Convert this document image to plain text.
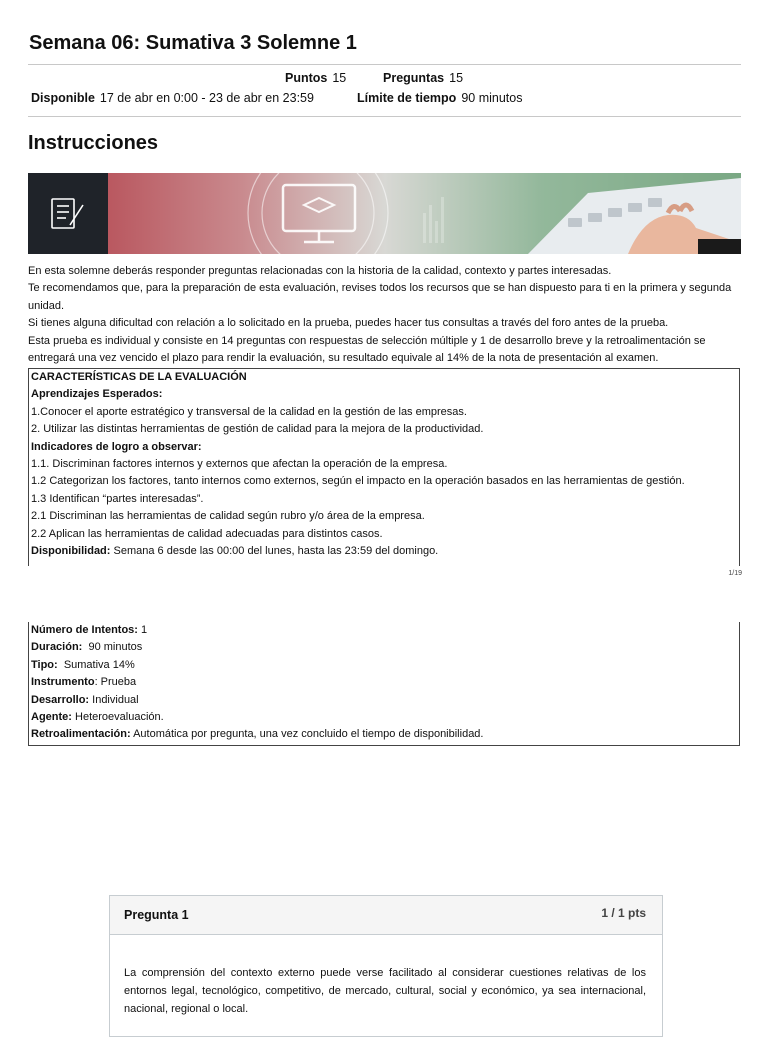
Semana 06: Sumativa 3 Solemne 1
Puntos 15	Preguntas 15
Disponible 17 de abr en 0:00 - 23 de abr en 23:59	Límite de tiempo 90 minutos
Instrucciones
En esta solemne deberás responder preguntas relacionadas con la historia de la calidad, contexto y partes interesadas.
Te recomendamos que, para la preparación de esta evaluación, revises todos los recursos que se han dispuesto para ti en la primera y segunda unidad.
Si tienes alguna dificultad con relación a lo solicitado en la prueba, puedes hacer tus consultas a través del foro antes de la prueba.
Esta prueba es individual y consiste en 14 preguntas con respuestas de selección múltiple y 1 de desarrollo breve y la retroalimentación se entregará una vez vencido el plazo para rendir la evaluación, su resultado equivale al 14% de la nota de presentación al examen.
CARACTERÍSTICAS DE LA EVALUACIÓN
Aprendizajes Esperados:
1.Conocer el aporte estratégico y transversal de la calidad en la gestión de las empresas.
2. Utilizar las distintas herramientas de gestión de calidad para la mejora de la productividad.
Indicadores de logro a observar:
1.1. Discriminan factores internos y externos que afectan la operación de la empresa.
1.2 Categorizan los factores, tanto internos como externos, según el impacto en la operación basados en las herramientas de gestión.
1.3 Identifican “partes interesadas”.
2.1 Discriminan las herramientas de calidad según rubro y/o área de la empresa.
2.2 Aplican las herramientas de calidad adecuadas para distintos casos.
Disponibilidad: Semana 6 desde las 00:00 del lunes, hasta las 23:59 del domingo.
1/19
Número de Intentos: 1
Duración: 90 minutos
Tipo: Sumativa 14%
Instrumento: Prueba
Desarrollo: Individual
Agente: Heteroevaluación.
Retroalimentación: Automática por pregunta, una vez concluido el tiempo de disponibilidad.
Pregunta 1	1 / 1 pts
La comprensión del contexto externo puede verse facilitado al considerar cuestiones relativas de los entornos legal, tecnológico, competitivo, de mercado, cultural, social y económico, ya sea internacional, nacional, regional o local.
